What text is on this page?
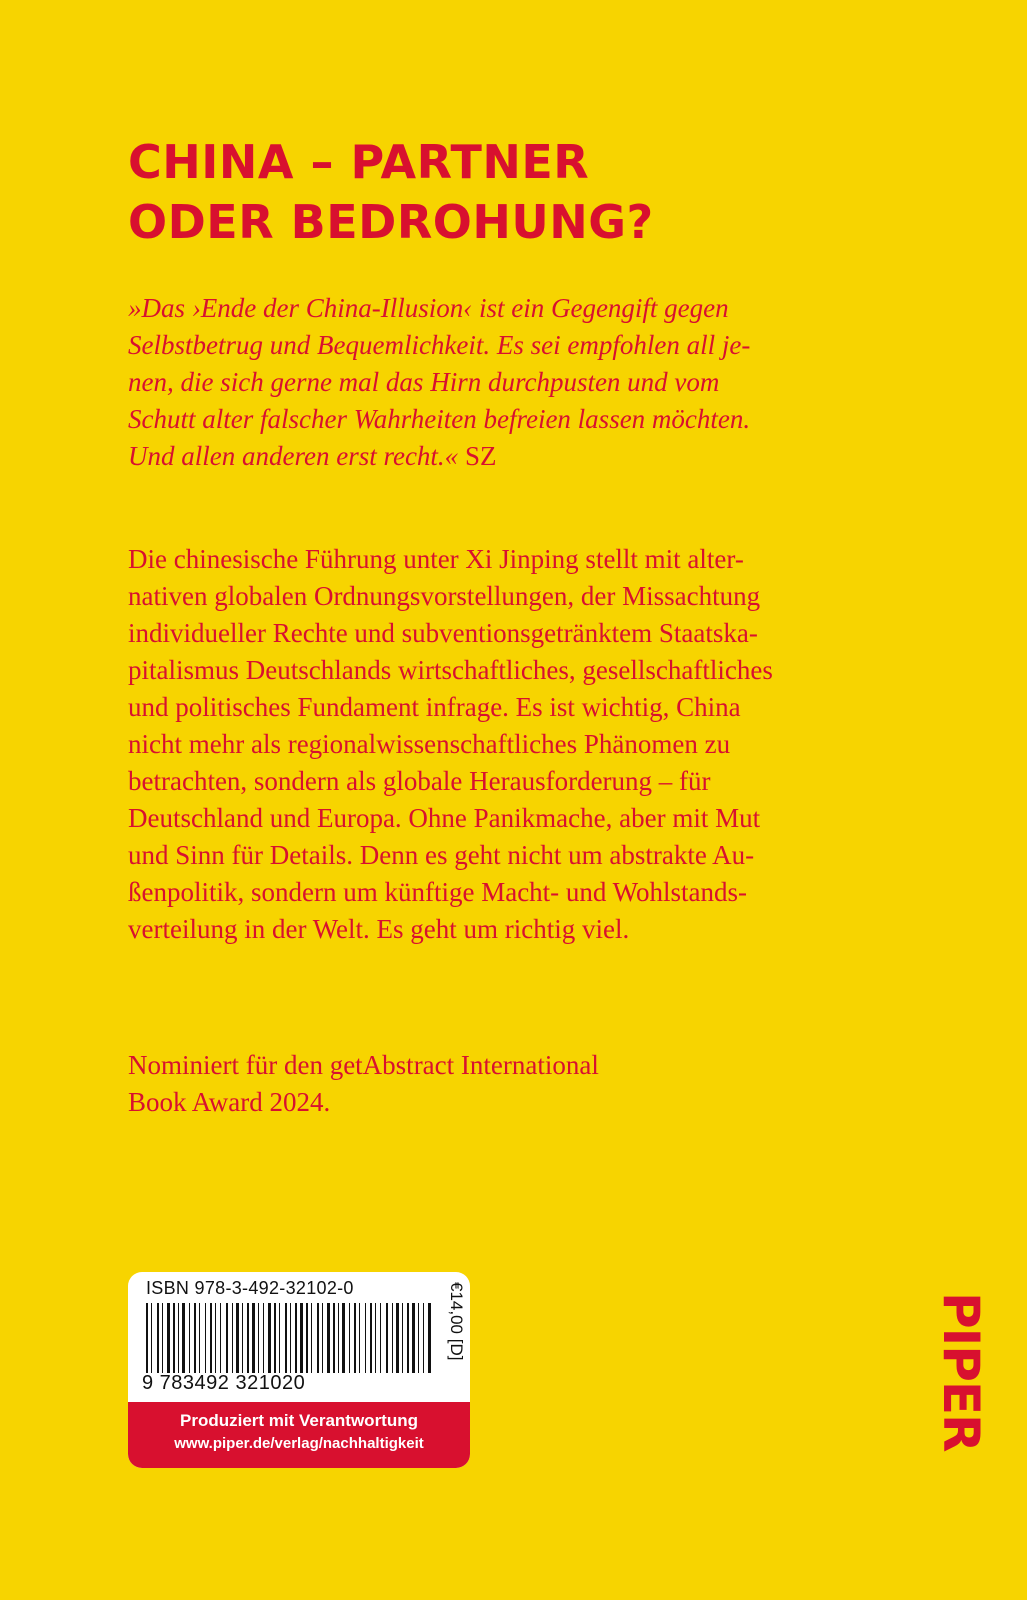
CHINA – PARTNER
ODER BEDROHUNG?
»Das ›Ende der China-Illusion‹ ist ein Gegengift gegen
Selbstbetrug und Bequemlichkeit. Es sei empfohlen all je-
nen, die sich gerne mal das Hirn durchpusten und vom
Schutt alter falscher Wahrheiten befreien lassen möchten.
Und allen anderen erst recht.« SZ
Die chinesische Führung unter Xi Jinping stellt mit alter-
nativen globalen Ordnungsvorstellungen, der Missachtung
individueller Rechte und subventionsgetränktem Staatska-
pitalismus Deutschlands wirtschaftliches, gesellschaftliches
und politisches Fundament infrage. Es ist wichtig, China
nicht mehr als regionalwissenschaftliches Phänomen zu
betrachten, sondern als globale Herausforderung – für
Deutschland und Europa. Ohne Panikmache, aber mit Mut
und Sinn für Details. Denn es geht nicht um abstrakte Au-
ßenpolitik, sondern um künftige Macht- und Wohlstands-
verteilung in der Welt. Es geht um richtig viel.
Nominiert für den getAbstract International
Book Award 2024.
ISBN 978-3-492-32102-0
9 783492 321020
€14,00 [D]
Produziert mit Verantwortung
www.piper.de/verlag/nachhaltigkeit	PIPER
